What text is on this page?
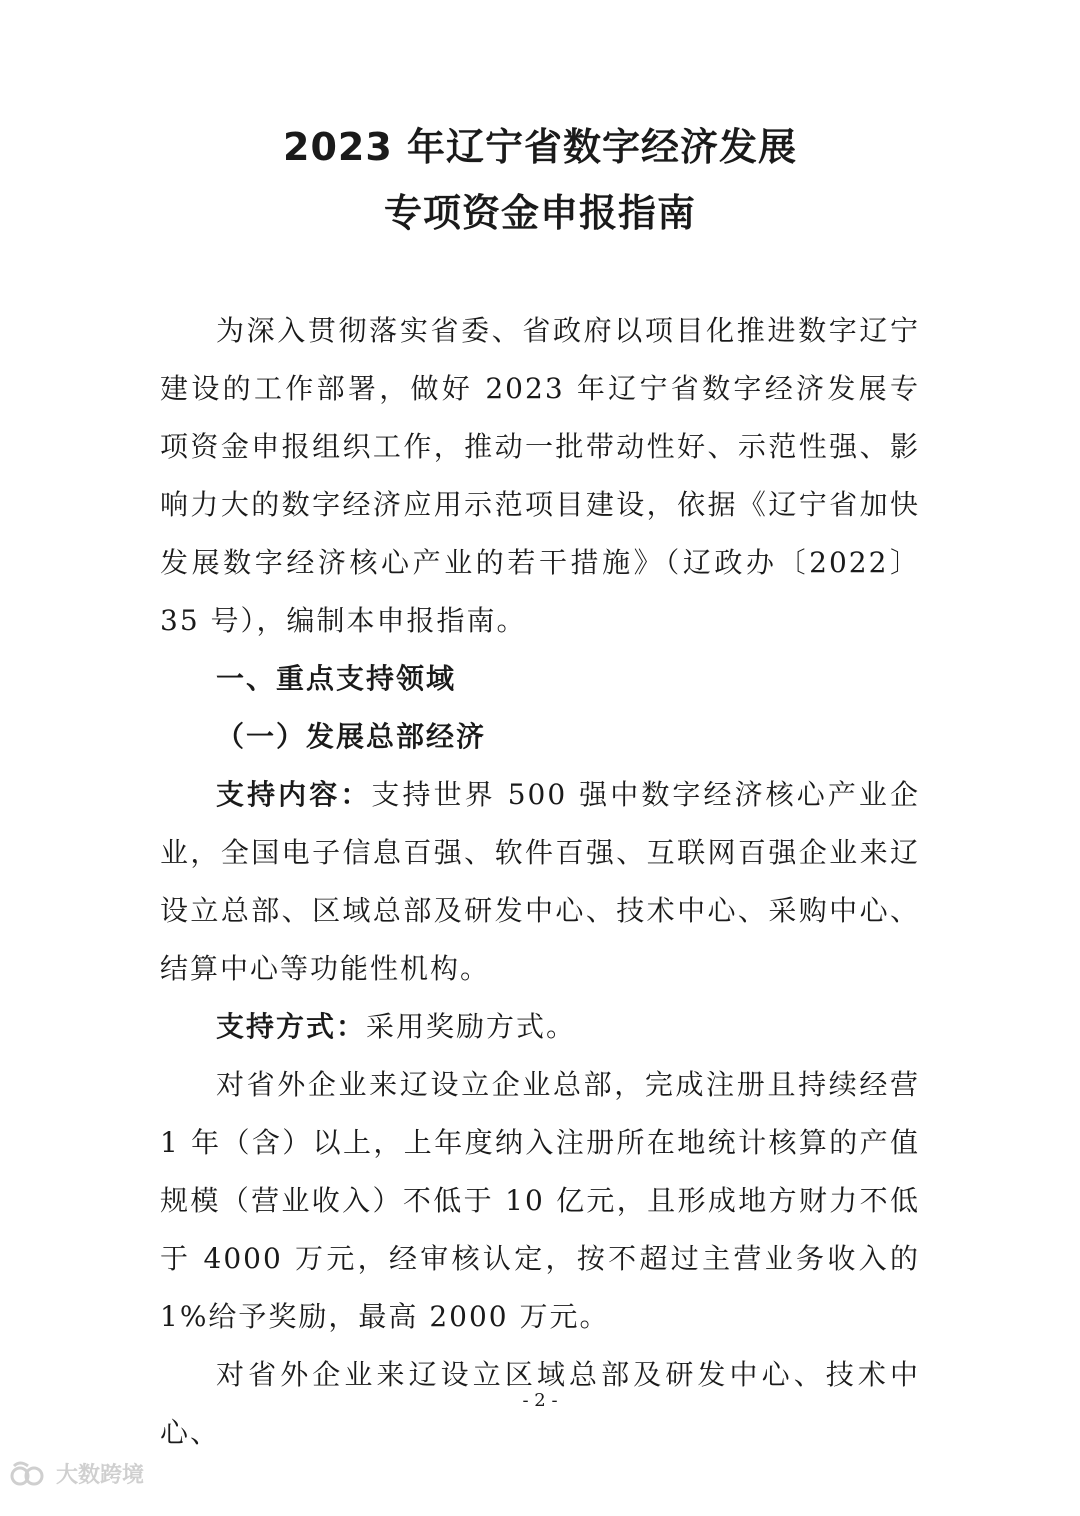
2023 年辽宁省数字经济发展
专项资金申报指南

为深入贯彻落实省委、省政府以项目化推进数字辽宁建设的工作部署，做好 2023 年辽宁省数字经济发展专项资金申报组织工作，推动一批带动性好、示范性强、影响力大的数字经济应用示范项目建设，依据《辽宁省加快发展数字经济核心产业的若干措施》（辽政办〔2022〕35 号），编制本申报指南。

一、重点支持领域

（一）发展总部经济

支持内容：支持世界 500 强中数字经济核心产业企业，全国电子信息百强、软件百强、互联网百强企业来辽设立总部、区域总部及研发中心、技术中心、采购中心、结算中心等功能性机构。

支持方式：采用奖励方式。

对省外企业来辽设立企业总部，完成注册且持续经营 1 年（含）以上，上年度纳入注册所在地统计核算的产值规模（营业收入）不低于 10 亿元，且形成地方财力不低于 4000 万元，经审核认定，按不超过主营业务收入的 1%给予奖励，最高 2000 万元。

对省外企业来辽设立区域总部及研发中心、技术中心、

- 2 -
大数跨境
